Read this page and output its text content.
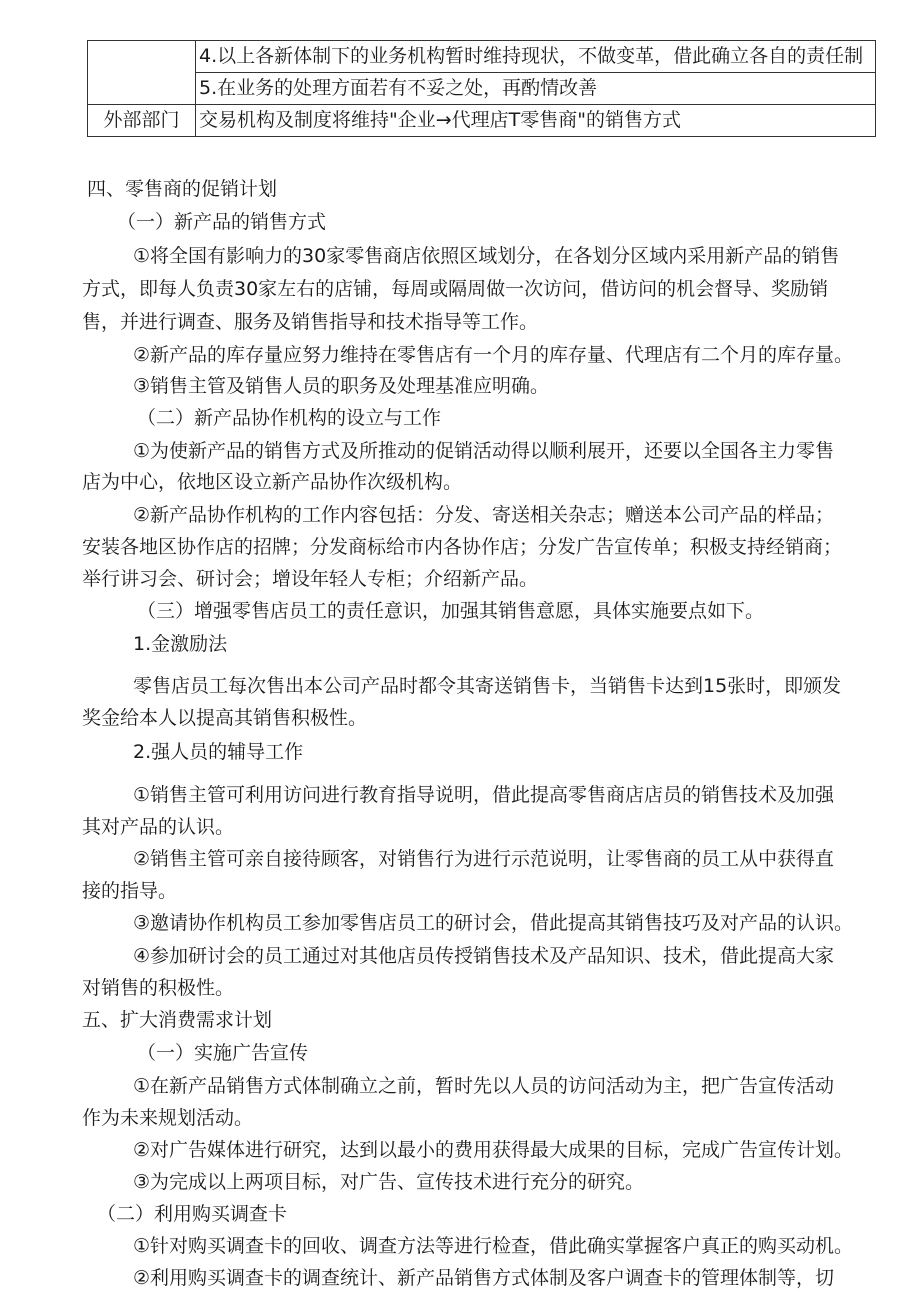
	4.以上各新体制下的业务机构暂时维持现状，不做变革，借此确立各自的责任制
	5.在业务的处理方面若有不妥之处，再酌情改善
外部部门	交易机构及制度将维持"企业→代理店T零售商"的销售方式
四、零售商的促销计划
（一）新产品的销售方式
①将全国有影响力的30家零售商店依照区域划分，在各划分区域内采用新产品的销售
方式，即每人负责30家左右的店铺，每周或隔周做一次访问，借访问的机会督导、奖励销
售，并进行调查、服务及销售指导和技术指导等工作。
②新产品的库存量应努力维持在零售店有一个月的库存量、代理店有二个月的库存量。
③销售主管及销售人员的职务及处理基准应明确。
（二）新产品协作机构的设立与工作
①为使新产品的销售方式及所推动的促销活动得以顺利展开，还要以全国各主力零售
店为中心，依地区设立新产品协作次级机构。
②新产品协作机构的工作内容包括：分发、寄送相关杂志；赠送本公司产品的样品；
安装各地区协作店的招牌；分发商标给市内各协作店；分发广告宣传单；积极支持经销商；
举行讲习会、研讨会；增设年轻人专柜；介绍新产品。
（三）增强零售店员工的责任意识，加强其销售意愿，具体实施要点如下。
1.金激励法
零售店员工每次售出本公司产品时都令其寄送销售卡，当销售卡达到15张时，即颁发
奖金给本人以提高其销售积极性。
2.强人员的辅导工作
①销售主管可利用访问进行教育指导说明，借此提高零售商店店员的销售技术及加强
其对产品的认识。
②销售主管可亲自接待顾客，对销售行为进行示范说明，让零售商的员工从中获得直
接的指导。
③邀请协作机构员工参加零售店员工的研讨会，借此提高其销售技巧及对产品的认识。
④参加研讨会的员工通过对其他店员传授销售技术及产品知识、技术，借此提高大家
对销售的积极性。
五、扩大消费需求计划
（一）实施广告宣传
①在新产品销售方式体制确立之前，暂时先以人员的访问活动为主，把广告宣传活动
作为未来规划活动。
②对广告媒体进行研究，达到以最小的费用获得最大成果的目标，完成广告宣传计划。
③为完成以上两项目标，对广告、宣传技术进行充分的研究。
（二）利用购买调查卡
①针对购买调查卡的回收、调查方法等进行检查，借此确实掌握客户真正的购买动机。
②利用购买调查卡的调查统计、新产品销售方式体制及客户调查卡的管理体制等，切
